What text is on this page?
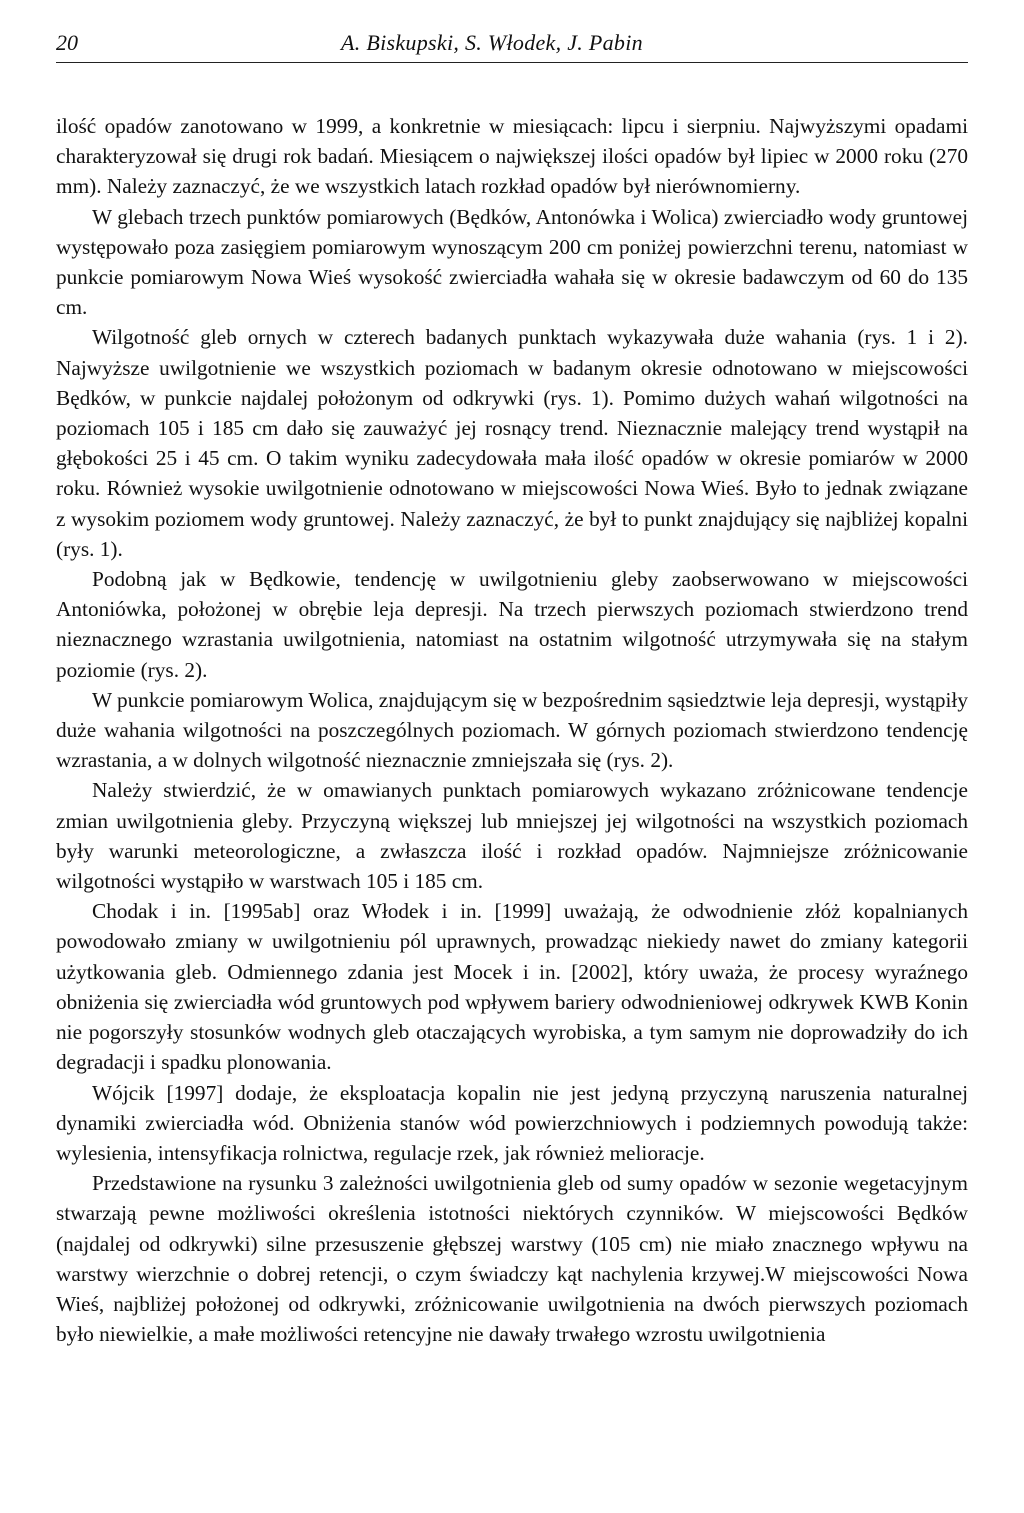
20	A. Biskupski, S. Włodek, J. Pabin

ilość opadów zanotowano w 1999, a konkretnie w miesiącach: lipcu i sierpniu. Najwyższymi opadami charakteryzował się drugi rok badań. Miesiącem o największej ilości opadów był lipiec w 2000 roku (270 mm). Należy zaznaczyć, że we wszystkich latach rozkład opadów był nierównomierny.

W glebach trzech punktów pomiarowych (Będków, Antonówka i Wolica) zwierciadło wody gruntowej występowało poza zasięgiem pomiarowym wynoszącym 200 cm poniżej powierzchni terenu, natomiast w punkcie pomiarowym Nowa Wieś wysokość zwierciadła wahała się w okresie badawczym od 60 do 135 cm.

Wilgotność gleb ornych w czterech badanych punktach wykazywała duże wahania (rys. 1 i 2). Najwyższe uwilgotnienie we wszystkich poziomach w badanym okresie odnotowano w miejscowości Będków, w punkcie najdalej położonym od odkrywki (rys. 1). Pomimo dużych wahań wilgotności na poziomach 105 i 185 cm dało się zauważyć jej rosnący trend. Nieznacznie malejący trend wystąpił na głębokości 25 i 45 cm. O takim wyniku zadecydowała mała ilość opadów w okresie pomiarów w 2000 roku. Również wysokie uwilgotnienie odnotowano w miejscowości Nowa Wieś. Było to jednak związane z wysokim poziomem wody gruntowej. Należy zaznaczyć, że był to punkt znajdujący się najbliżej kopalni (rys. 1).

Podobną jak w Będkowie, tendencję w uwilgotnieniu gleby zaobserwowano w miejscowości Antoniówka, położonej w obrębie leja depresji. Na trzech pierwszych poziomach stwierdzono trend nieznacznego wzrastania uwilgotnienia, natomiast na ostatnim wilgotność utrzymywała się na stałym poziomie (rys. 2).

W punkcie pomiarowym Wolica, znajdującym się w bezpośrednim sąsiedztwie leja depresji, wystąpiły duże wahania wilgotności na poszczególnych poziomach. W górnych poziomach stwierdzono tendencję wzrastania, a w dolnych wilgotność nieznacznie zmniejszała się (rys. 2).

Należy stwierdzić, że w omawianych punktach pomiarowych wykazano zróżnicowane tendencje zmian uwilgotnienia gleby. Przyczyną większej lub mniejszej jej wilgotności na wszystkich poziomach były warunki meteorologiczne, a zwłaszcza ilość i rozkład opadów. Najmniejsze zróżnicowanie wilgotności wystąpiło w warstwach 105 i 185 cm.

Chodak i in. [1995ab] oraz Włodek i in. [1999] uważają, że odwodnienie złóż kopalnianych powodowało zmiany w uwilgotnieniu pól uprawnych, prowadząc niekiedy nawet do zmiany kategorii użytkowania gleb. Odmiennego zdania jest Mocek i in. [2002], który uważa, że procesy wyraźnego obniżenia się zwierciadła wód gruntowych pod wpływem bariery odwodnieniowej odkrywek KWB Konin nie pogorszyły stosunków wodnych gleb otaczających wyrobiska, a tym samym nie doprowadziły do ich degradacji i spadku plonowania.

Wójcik [1997] dodaje, że eksploatacja kopalin nie jest jedyną przyczyną naruszenia naturalnej dynamiki zwierciadła wód. Obniżenia stanów wód powierzchniowych i podziemnych powodują także: wylesienia, intensyfikacja rolnictwa, regulacje rzek, jak również melioracje.

Przedstawione na rysunku 3 zależności uwilgotnienia gleb od sumy opadów w sezonie wegetacyjnym stwarzają pewne możliwości określenia istotności niektórych czynników. W miejscowości Będków (najdalej od odkrywki) silne przesuszenie głębszej warstwy (105 cm) nie miało znacznego wpływu na warstwy wierzchnie o dobrej retencji, o czym świadczy kąt nachylenia krzywej.W miejscowości Nowa Wieś, najbliżej położonej od odkrywki, zróżnicowanie uwilgotnienia na dwóch pierwszych poziomach było niewielkie, a małe możliwości retencyjne nie dawały trwałego wzrostu uwilgotnienia
